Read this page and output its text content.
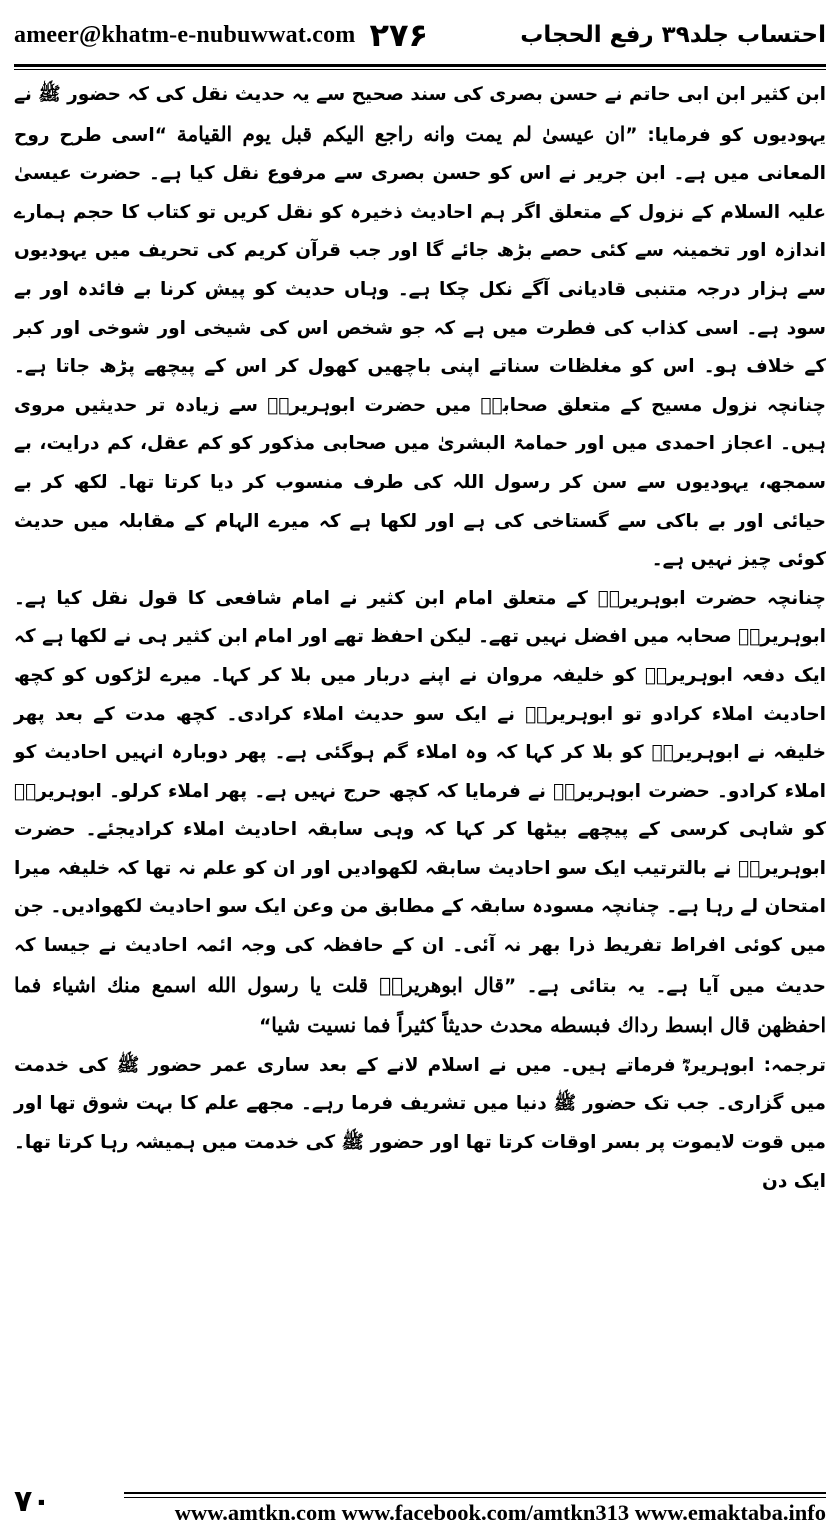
ameer@khatm-e-nubuwwat.com ۲۷۶	احتساب جلد۳۹ رفع الحجاب

ابن کثیر ابن ابی حاتم نے حسن بصری کی سند صحیح سے یہ حدیث نقل کی کہ حضور ﷺ نے یہودیوں کو فرمایا: ”ان عیسیٰ لم یمت وانه راجع الیکم قبل یوم القیامة “اسی طرح روح المعانی میں ہے۔ ابن جریر نے اس کو حسن بصری سے مرفوع نقل کیا ہے۔ حضرت عیسیٰ علیہ السلام کے نزول کے متعلق اگر ہم احادیث ذخیرہ کو نقل کریں تو کتاب کا حجم ہمارے اندازہ اور تخمینہ سے کئی حصے بڑھ جائے گا اور جب قرآن کریم کی تحریف میں یہودیوں سے ہزار درجہ متنبی قادیانی آگے نکل چکا ہے۔ وہاں حدیث کو پیش کرنا بے فائدہ اور بے سود ہے۔ اسی کذاب کی فطرت میں ہے کہ جو شخص اس کی شیخی اور شوخی اور کبر کے خلاف ہو۔ اس کو مغلظات سناتے اپنی باچھیں کھول کر اس کے پیچھے پڑھ جاتا ہے۔ چنانچہ نزول مسیح کے متعلق صحابہؓ میں حضرت ابوہریرہؓ سے زیادہ تر حدیثیں مروی ہیں۔ اعجاز احمدی میں اور حمامۃ البشریٰ میں صحابی مذکور کو کم عقل، کم درایت، بے سمجھ، یہودیوں سے سن کر رسول اللہ کی طرف منسوب کر دیا کرتا تھا۔ لکھ کر بے حیائی اور بے باکی سے گستاخی کی ہے اور لکھا ہے کہ میرے الہام کے مقابلہ میں حدیث کوئی چیز نہیں ہے۔

چنانچہ حضرت ابوہریرہؓ کے متعلق امام ابن کثیر نے امام شافعی کا قول نقل کیا ہے۔ ابوہریرہؓ صحابہ میں افضل نہیں تھے۔ لیکن احفظ تھے اور امام ابن کثیر ہی نے لکھا ہے کہ ایک دفعہ ابوہریرہؓ کو خلیفہ مروان نے اپنے دربار میں بلا کر کہا۔ میرے لڑکوں کو کچھ احادیث املاء کرادو تو ابوہریرہؓ نے ایک سو حدیث املاء کرادی۔ کچھ مدت کے بعد پھر خلیفہ نے ابوہریرہؓ کو بلا کر کہا کہ وہ املاء گم ہوگئی ہے۔ پھر دوبارہ انہیں احادیث کو املاء کرادو۔ حضرت ابوہریرہؓ نے فرمایا کہ کچھ حرج نہیں ہے۔ پھر املاء کرلو۔ ابوہریرہؓ کو شاہی کرسی کے پیچھے بیٹھا کر کہا کہ وہی سابقہ احادیث املاء کرادیجئے۔ حضرت ابوہریرہؓ نے بالترتیب ایک سو احادیث سابقہ لکھوادیں اور ان کو علم نہ تھا کہ خلیفہ میرا امتحان لے رہا ہے۔ چنانچہ مسودہ سابقہ کے مطابق من وعن ایک سو احادیث لکھوادیں۔ جن میں کوئی افراط تفریط ذرا بھر نہ آئی۔ ان کے حافظہ کی وجہ ائمہ احادیث نے جیسا کہ حدیث میں آیا ہے۔ یہ بتائی ہے۔ ”قال ابوهریرةؓ قلت یا رسول الله اسمع منك اشیاء فما احفظهن قال ابسط رداك فبسطه محدث حدیثاً کثیراً فما نسیت شیا“

ترجمہ: ابوہریرہؓ فرماتے ہیں۔ میں نے اسلام لانے کے بعد ساری عمر حضور ﷺ کی خدمت میں گزاری۔ جب تک حضور ﷺ دنیا میں تشریف فرما رہے۔ مجھے علم کا بہت شوق تھا اور میں قوت لایموت پر بسر اوقات کرتا تھا اور حضور ﷺ کی خدمت میں ہمیشہ رہا کرتا تھا۔ ایک دن

۷۰	www.amtkn.com www.facebook.com/amtkn313 www.emaktaba.info
